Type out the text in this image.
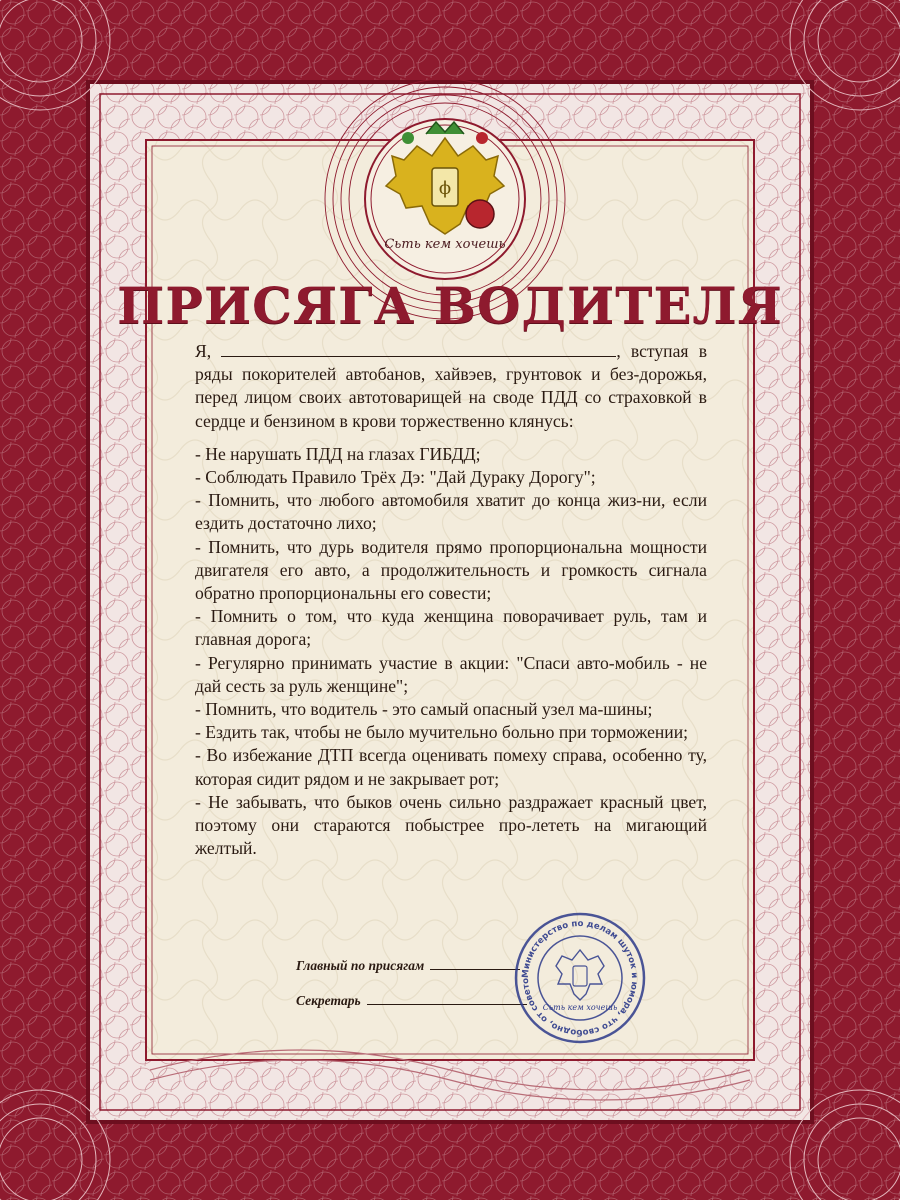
ϕ
Сьть кем хочешь
ПРИСЯГА ВОДИТЕЛЯ

Я,	, вступая в ряды покорителей автобанов, хайвэев, грунтовок и без-дорожья, перед лицом своих автотоварищей на своде ПДД со страховкой в сердце и бензином в крови торжественно клянусь:

- Не нарушать ПДД на глазах ГИБДД;

- Соблюдать Правило Трёх Дэ: "Дай Дураку Дорогу";

- Помнить, что любого автомобиля хватит до конца жиз-ни, если ездить достаточно лихо;

- Помнить, что дурь водителя прямо пропорциональна мощности двигателя его авто, а продолжительность и громкость сигнала обратно пропорциональны его совести;

- Помнить о том, что куда женщина поворачивает руль, там и главная дорога;

- Регулярно принимать участие в акции: "Спаси авто-мобиль - не дай сесть за руль женщине";

- Помнить, что водитель - это самый опасный узел ма-шины;

- Ездить так, чтобы не было мучительно больно при торможении;

- Во избежание ДТП всегда оценивать помеху справа, особенно ту, которая сидит рядом и не закрывает рот;

- Не забывать, что быков очень сильно раздражает красный цвет, поэтому они стараются побыстрее про-лететь на мигающий желтый.

Главный по присягам
Секретарь
Министерство по делам шуток и юмора, что свободно, от совето
Сьть кем хочешь
